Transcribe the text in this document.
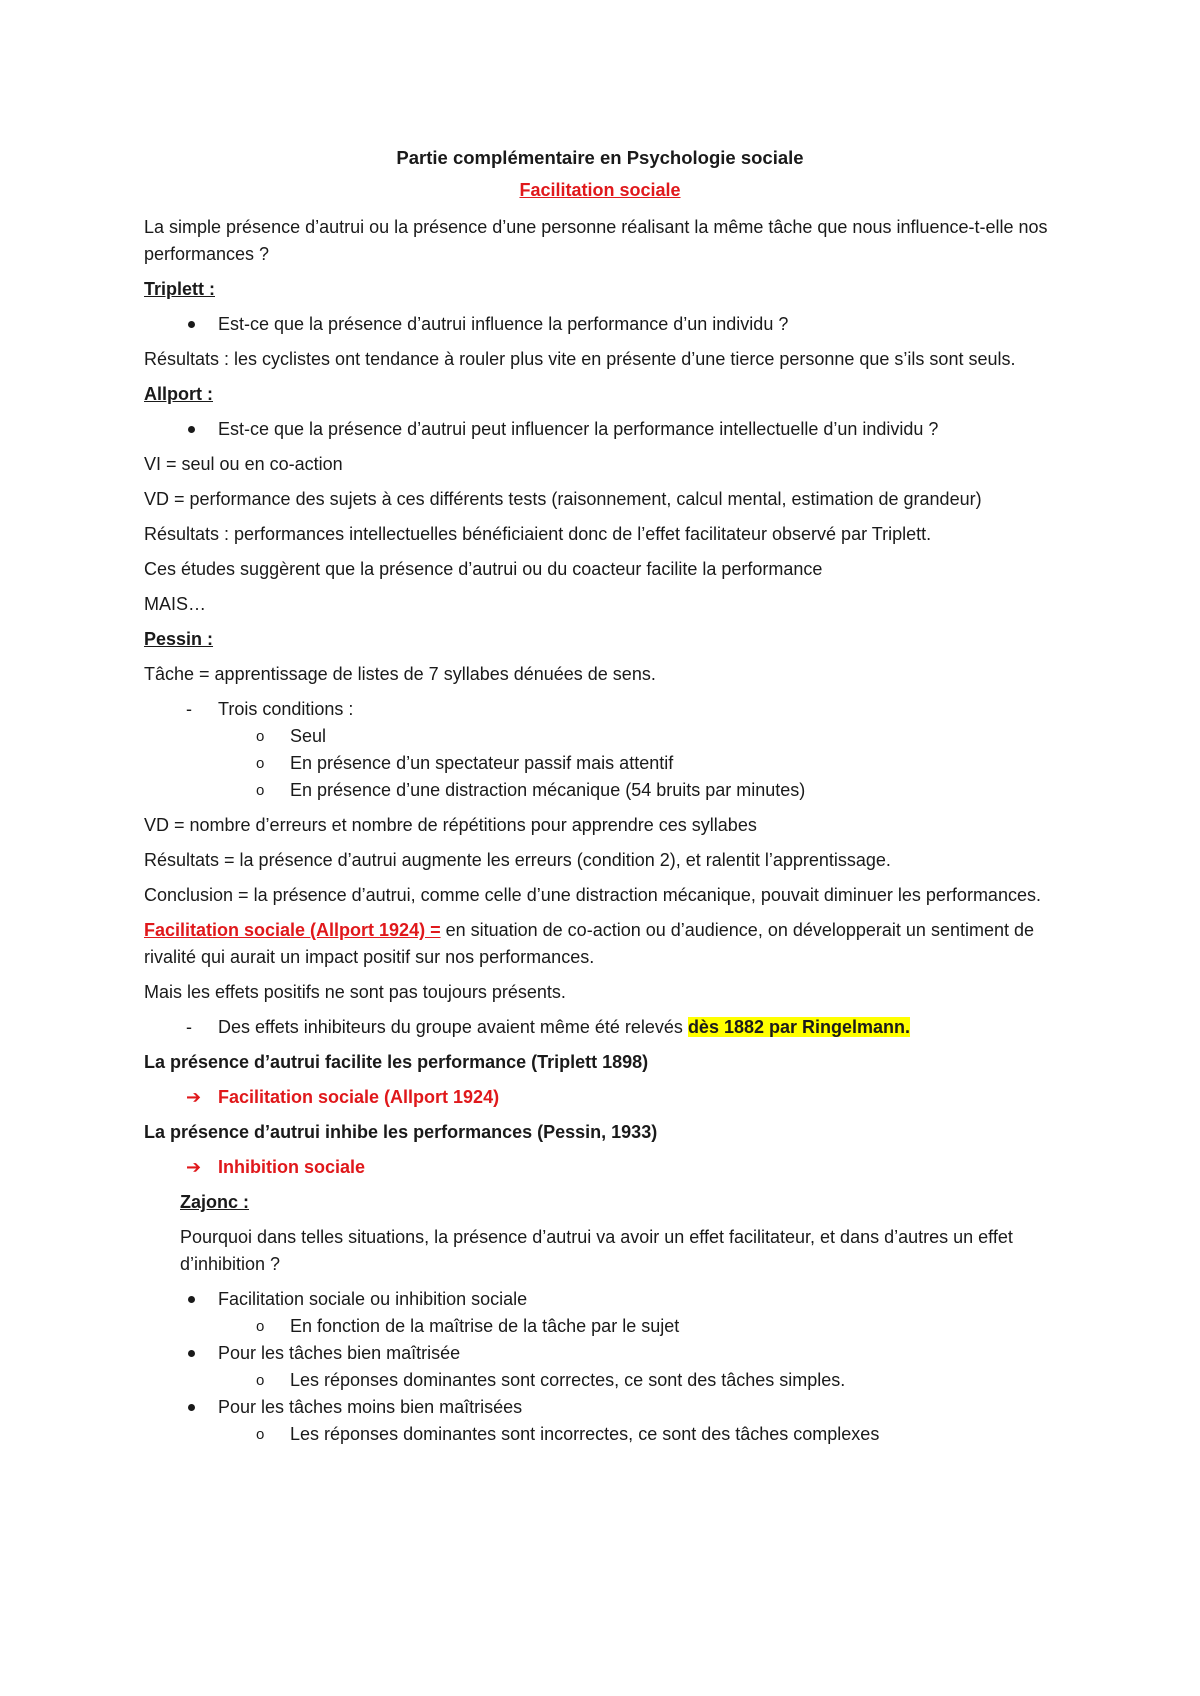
Partie complémentaire en Psychologie sociale

Facilitation sociale

La simple présence d’autrui ou la présence d’une personne réalisant la même tâche que nous influence-t-elle nos performances ?

Triplett :

Est-ce que la présence d’autrui influence la performance d’un individu ?

Résultats : les cyclistes ont tendance à rouler plus vite en présente d’une tierce personne que s’ils sont seuls.

Allport :

Est-ce que la présence d’autrui peut influencer la performance intellectuelle d’un individu ?

VI = seul ou en co-action

VD = performance des sujets à ces différents tests (raisonnement, calcul mental, estimation de grandeur)

Résultats : performances intellectuelles bénéficiaient donc de l’effet facilitateur observé par Triplett.

Ces études suggèrent que la présence d’autrui ou du coacteur facilite la performance

MAIS…

Pessin :

Tâche = apprentissage de listes de 7 syllabes dénuées de sens.

- Trois conditions :

o Seul

o En présence d’un spectateur passif mais attentif

o En présence d’une distraction mécanique (54 bruits par minutes)

VD = nombre d’erreurs et nombre de répétitions pour apprendre ces syllabes

Résultats = la présence d’autrui augmente les erreurs (condition 2), et ralentit l’apprentissage.

Conclusion = la présence d’autrui, comme celle d’une distraction mécanique, pouvait diminuer les performances.

Facilitation sociale (Allport 1924) = en situation de co-action ou d’audience, on développerait un sentiment de rivalité qui aurait un impact positif sur nos performances.

Mais les effets positifs ne sont pas toujours présents.

- Des effets inhibiteurs du groupe avaient même été relevés dès 1882 par Ringelmann.

La présence d’autrui facilite les performance (Triplett 1898)

➔ Facilitation sociale (Allport 1924)

La présence d’autrui inhibe les performances (Pessin, 1933)

➔ Inhibition sociale

Zajonc :

Pourquoi dans telles situations, la présence d’autrui va avoir un effet facilitateur, et dans d’autres un effet d’inhibition ?

Facilitation sociale ou inhibition sociale

o En fonction de la maîtrise de la tâche par le sujet

Pour les tâches bien maîtrisée

o Les réponses dominantes sont correctes, ce sont des tâches simples.

Pour les tâches moins bien maîtrisées

o Les réponses dominantes sont incorrectes, ce sont des tâches complexes
